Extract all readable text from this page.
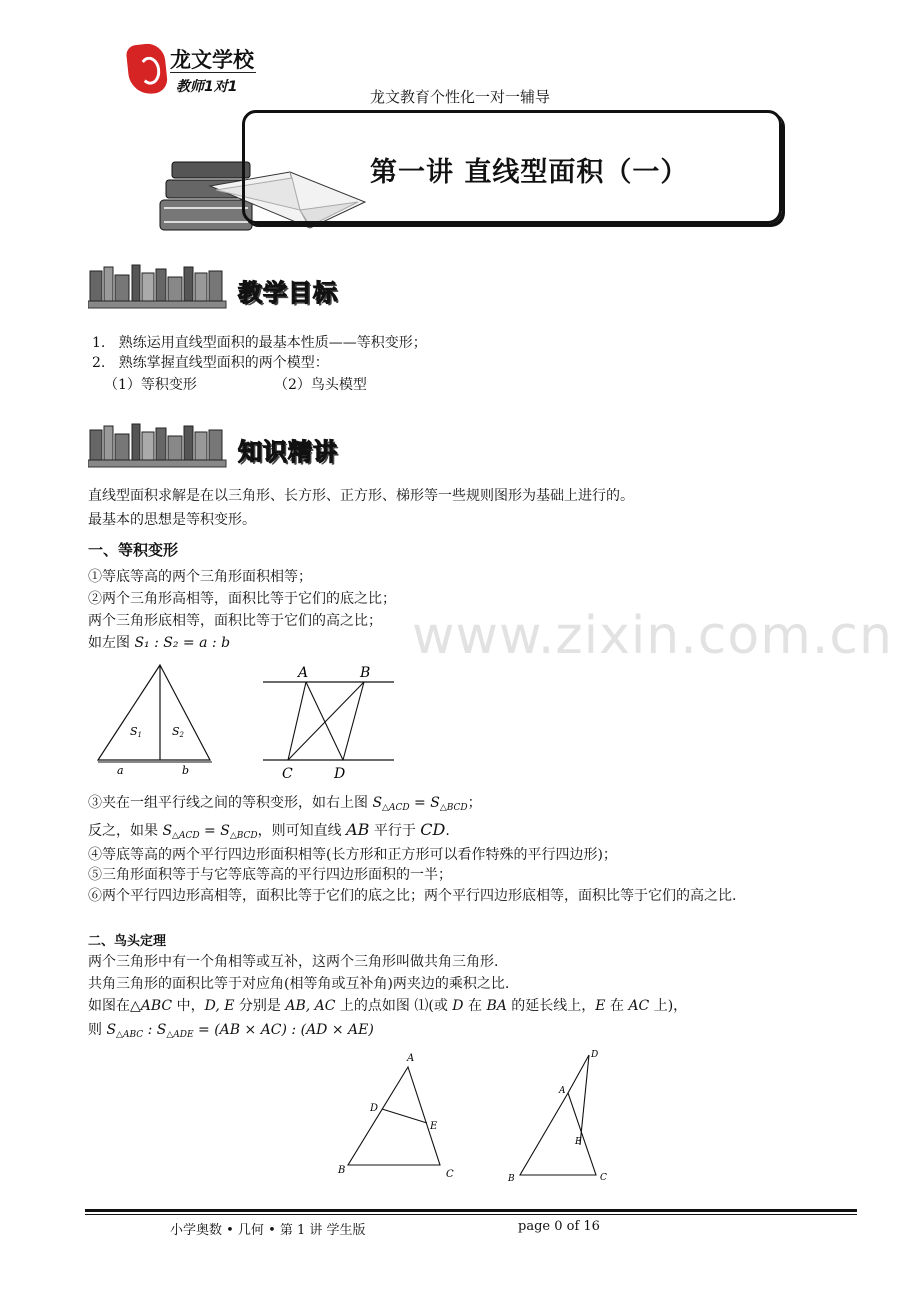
龙文学校
教师1对1
龙文教育个性化一对一辅导
第一讲 直线型面积（一）
教学目标
1. 熟练运用直线型面积的最基本性质——等积变形；
2. 熟练掌握直线型面积的两个模型：
（1）等积变形	（2）鸟头模型
知识精讲
直线型面积求解是在以三角形、长方形、正方形、梯形等一些规则图形为基础上进行的。
最基本的思想是等积变形。
一、等积变形
①等底等高的两个三角形面积相等；
②两个三角形高相等，面积比等于它们的底之比；
两个三角形底相等，面积比等于它们的高之比；
如左图 S₁ : S₂ = a : b	www.zixin.com.cn
S1	S2
a	b
A	B
C	D
③夹在一组平行线之间的等积变形，如右上图 $S_{\triangle ACD} = S_{\triangle BCD}$；
反之，如果 $S_{\triangle ACD} = S_{\triangle BCD}$，则可知直线 AB 平行于 CD.
④等底等高的两个平行四边形面积相等(长方形和正方形可以看作特殊的平行四边形)；
⑤三角形面积等于与它等底等高的平行四边形面积的一半；
⑥两个平行四边形高相等，面积比等于它们的底之比；两个平行四边形底相等，面积比等于它们的高之比.
二、鸟头定理
两个三角形中有一个角相等或互补，这两个三角形叫做共角三角形.
共角三角形的面积比等于对应角(相等角或互补角)两夹边的乘积之比.
如图在△ABC 中，D, E 分别是 AB, AC 上的点如图 ⑴(或 D 在 BA 的延长线上，E 在 AC 上)，
则 $S_{\triangle ABC}$ : $S_{\triangle ADE} = (AB \times AC)$ : (AD × AE)
A
D
E
B	C
D
A
E
B	C
小学奥数 • 几何 • 第 1 讲 学生版	page 0 of 16
